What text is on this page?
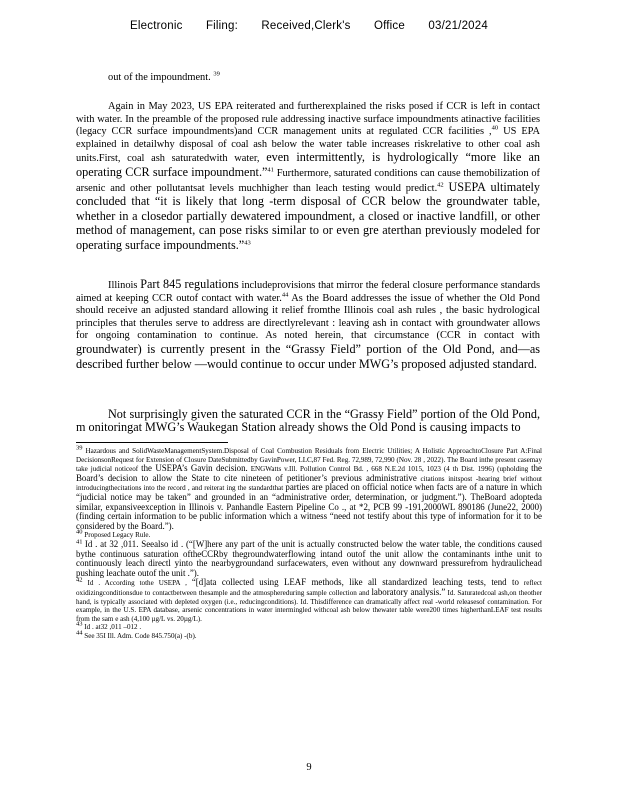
Electronic Filing: Received,Clerk's Office 03/21/2024
out of the impoundment. $^{39}$
Again in May 2023, US EPA reiterated and furtherexplained the risks posed if CCR is left in contact with water. In the preamble of the proposed rule addressing inactive surface impoundments atinactive facilities (legacy CCR surface impoundments)and CCR management units at regulated CCR facilities ,$^{40}$ US EPA explained in detailwhy disposal of coal ash below the water table increases riskrelative to other coal ash units.First, coal ash saturatedwith water, even intermittently, is hydrologically “more like an operating CCR surface impoundment.”$^{41}$ Furthermore, saturated conditions can cause themobilization of arsenic and other pollutantsat levels muchhigher than leach testing would predict.$^{42}$ USEPA ultimately concluded that “it is likely that long -term disposal of CCR below the groundwater table, whether in a closedor partially dewatered impoundment, a closed or inactive landfill, or other method of management, can pose risks similar to or even gre aterthan previously modeled for operating surface impoundments.”$^{43}$
Illinois Part 845 regulations includeprovisions that mirror the federal closure performance standards aimed at keeping CCR outof contact with water.$^{44}$ As the Board addresses the issue of whether the Old Pond should receive an adjusted standard allowing it relief fromthe Illinois coal ash rules , the basic hydrological principles that therules serve to address are directlyrelevant : leaving ash in contact with groundwater allows for ongoing contamination to continue. As noted herein, that circumstance (CCR in contact with groundwater) is currently present in the “Grassy Field” portion of the Old Pond, and—as described further below —would continue to occur under MWG’s proposed adjusted standard.
Not surprisingly given the saturated CCR in the “Grassy Field” portion of the Old Pond, m onitoringat MWG’s Waukegan Station already shows the Old Pond is causing impacts to

$^{39}$ Hazardous and SolidWasteManagementSystem.Disposal of Coal Combustion Residuals from Electric Utilities; A Holistic ApproachtoClosure Part A:Final DecisionsonRequest for Extension of Closure DateSubmittedby GavinPower, LLC,87 Fed. Reg. 72,989, 72,990 (Nov. 28 , 2022). The Board inthe present casemay take judicial noticeof the USEPA’s Gavin decision. ENGWatts v.Ill. Pollution Control Bd. , 668 N.E.2d 1015, 1023 (4 th Dist. 1996) (upholding the Board’s decision to allow the State to cite nineteen of petitioner’s previous administrative citations initspost -hearing brief without introducingthecitations into the record , and reiterat ing the standardthat parties are placed on official notice when facts are of a nature in which “judicial notice may be taken” and grounded in an “administrative order, determination, or judgment.”). TheBoard adopteda similar, expansiveexception in Illinois v. Panhandle Eastern Pipeline Co ., at *2, PCB 99 -191,2000WL 890186 (June22, 2000) (finding certain information to be public information which a witness “need not testify about this type of information for it to be considered by the Board.”).

$^{40}$ Proposed Legacy Rule.

$^{41}$ Id . at 32 ,011. Seealso id . (“[W]here any part of the unit is actually constructed below the water table, the conditions caused bythe continuous saturation oftheCCRby thegroundwaterflowing intand outof the unit allow the contaminants inthe unit to continuously leach directl yinto the nearbygroundand surfacewaters, even without any downward pressurefrom hydraulichead pushing leachate outof the unit .”).

$^{42}$ Id . According tothe USEPA , “[d]ata collected using LEAF methods, like all standardized leaching tests, tend to reflect oxidizingconditionsdue to contactbetween thesample and the atmosphereduring sample collection and laboratory analysis.” Id. Saturatedcoal ash,on theother hand, is typically associated with depleted oxygen (i.e., reducingconditions). Id. Thisdifference can dramatically affect real -world releasesof contamination. For example, in the U.S. EPA database, arsenic concentrations in water intermingled withcoal ash below thewater table were200 times higherthanLEAF test results from the sam e ash (4,100 µg/L vs. 20µg/L).

$^{43}$ Id . at32 ,011 –012 .

$^{44}$ See 35I Ill. Adm. Code 845.750(a) -(b).

9
